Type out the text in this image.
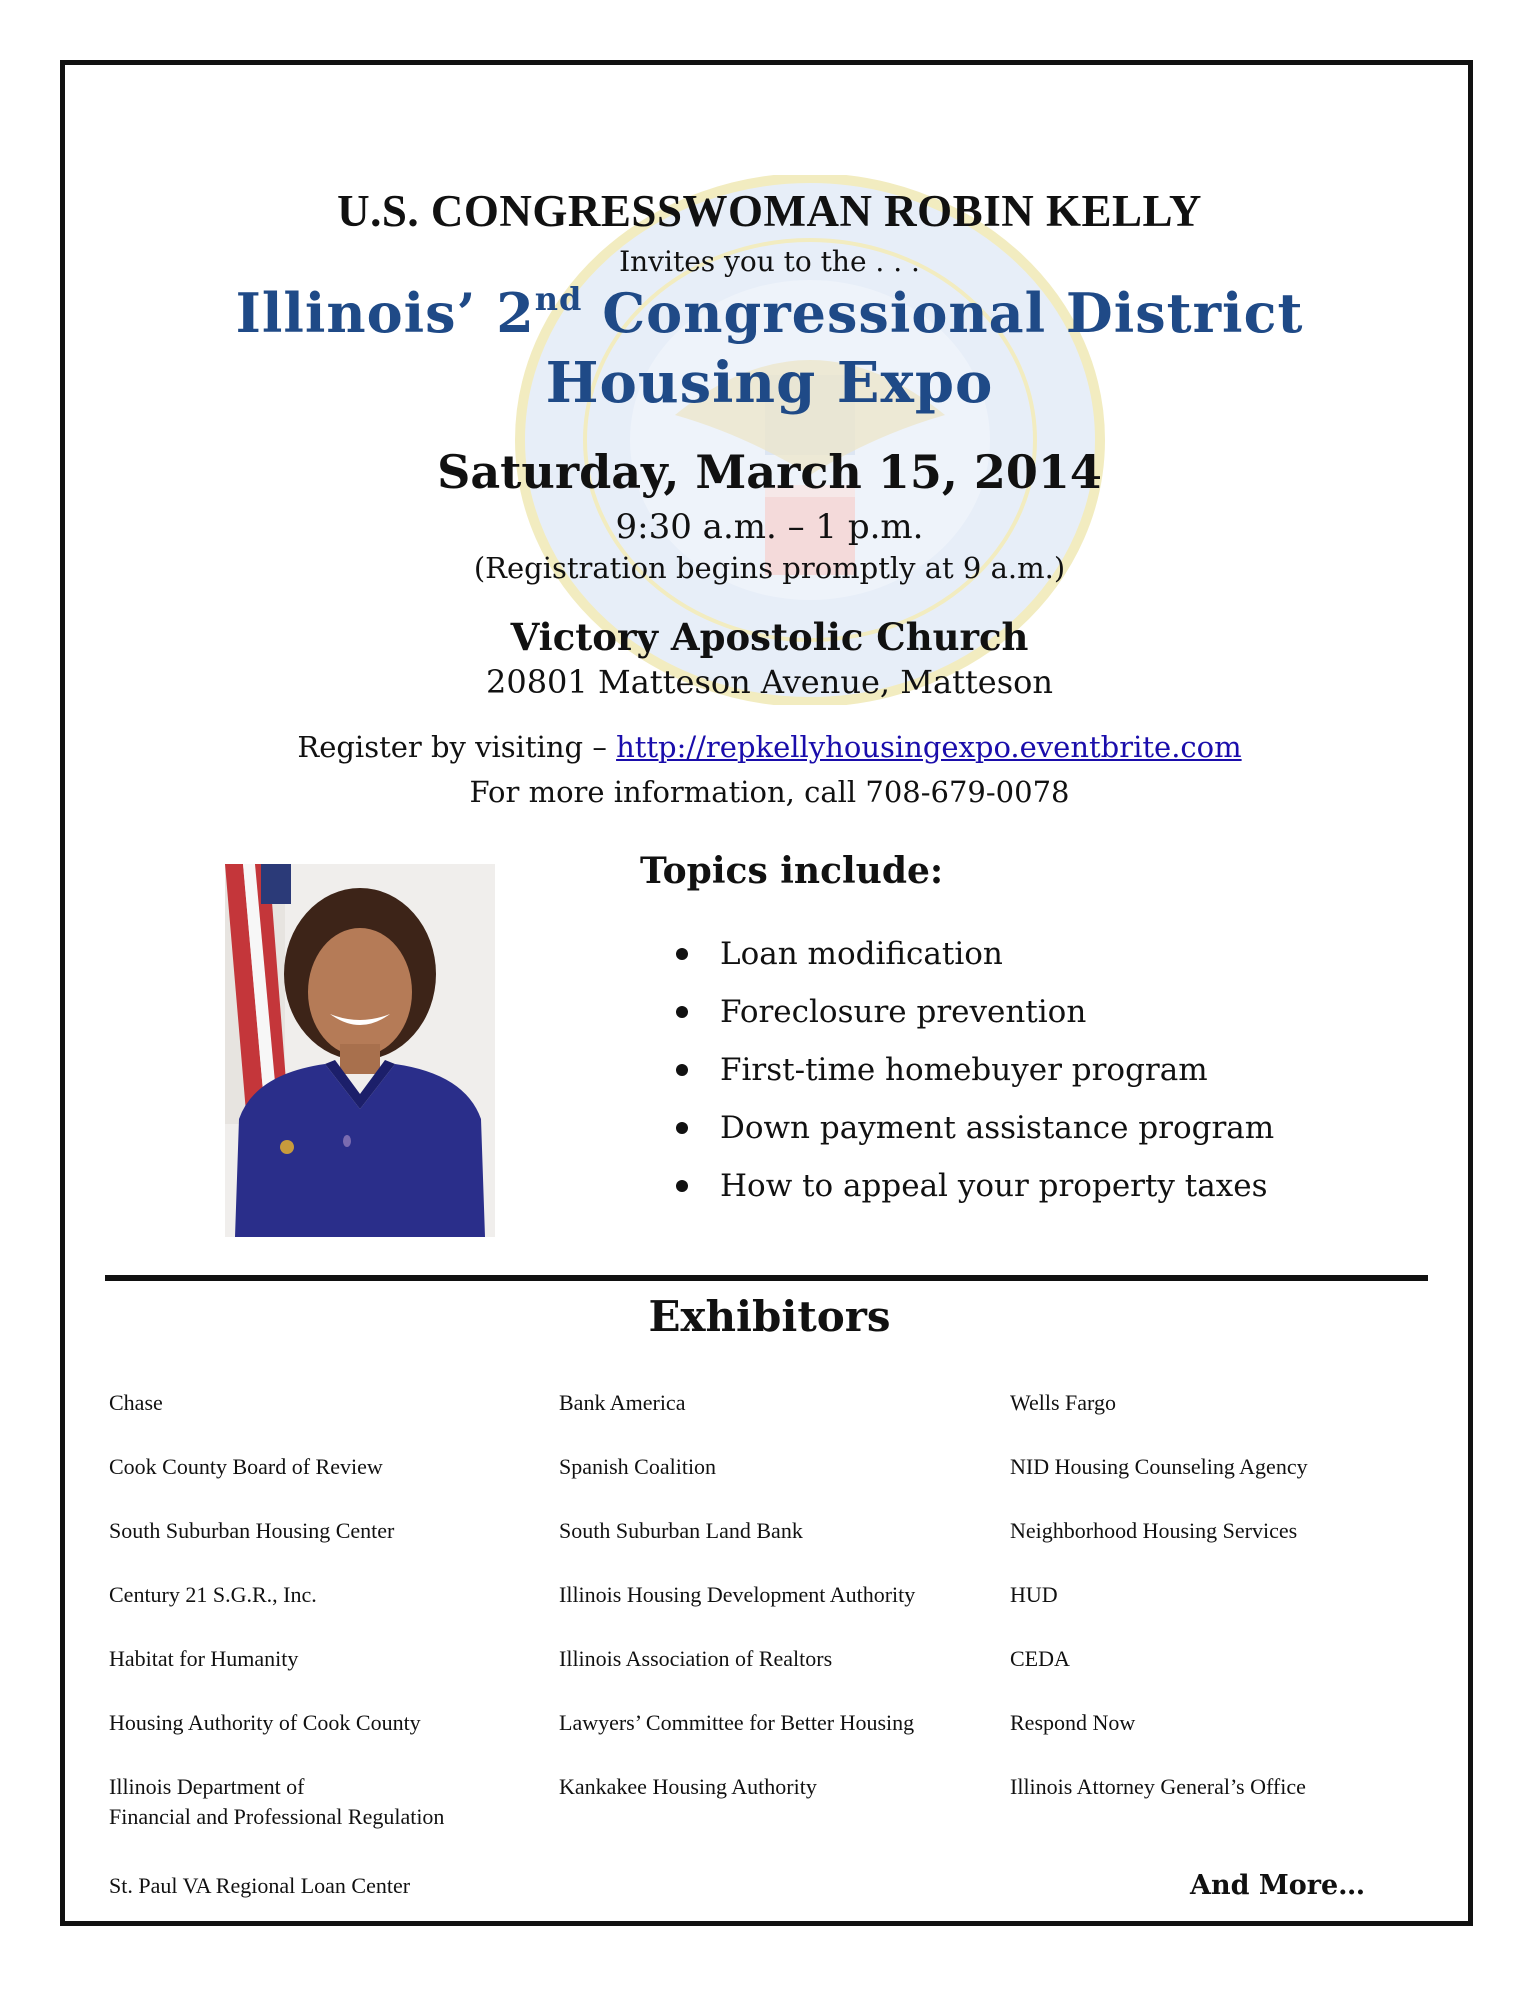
U.S. CONGRESSWOMAN ROBIN KELLY
Invites you to the . . .
Illinois’ 2nd Congressional District
Housing Expo
Saturday, March 15, 2014
9:30 a.m. – 1 p.m.
(Registration begins promptly at 9 a.m.)
Victory Apostolic Church
20801 Matteson Avenue, Matteson
Register by visiting – http://repkellyhousingexpo.eventbrite.com
For more information, call 708-679-0078
Topics include:
Loan modification
Foreclosure prevention
First-time homebuyer program
Down payment assistance program
How to appeal your property taxes
Exhibitors
Chase
Cook County Board of Review
South Suburban Housing Center
Century 21 S.G.R., Inc.
Habitat for Humanity
Housing Authority of Cook County
Illinois Department of
Financial and Professional Regulation
St. Paul VA Regional Loan Center
Bank America
Spanish Coalition
South Suburban Land Bank
Illinois Housing Development Authority
Illinois Association of Realtors
Lawyers’ Committee for Better Housing
Kankakee Housing Authority
Wells Fargo
NID Housing Counseling Agency
Neighborhood Housing Services
HUD
CEDA
Respond Now
Illinois Attorney General’s Office
And More…
